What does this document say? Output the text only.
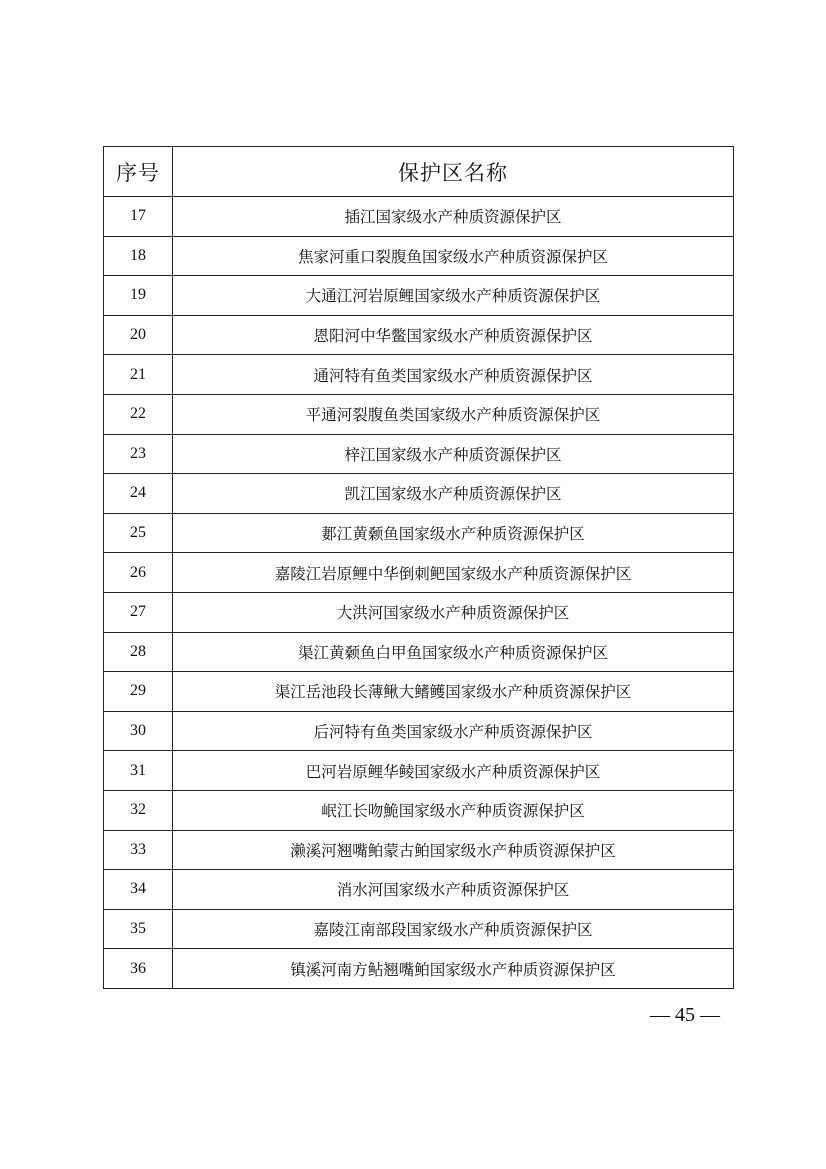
序号	保护区名称
17	插江国家级水产种质资源保护区
18	焦家河重口裂腹鱼国家级水产种质资源保护区
19	大通江河岩原鲤国家级水产种质资源保护区
20	恩阳河中华鳖国家级水产种质资源保护区
21	通河特有鱼类国家级水产种质资源保护区
22	平通河裂腹鱼类国家级水产种质资源保护区
23	梓江国家级水产种质资源保护区
24	凯江国家级水产种质资源保护区
25	郪江黄颡鱼国家级水产种质资源保护区
26	嘉陵江岩原鲤中华倒刺鲃国家级水产种质资源保护区
27	大洪河国家级水产种质资源保护区
28	渠江黄颡鱼白甲鱼国家级水产种质资源保护区
29	渠江岳池段长薄鳅大鳍鳠国家级水产种质资源保护区
30	后河特有鱼类国家级水产种质资源保护区
31	巴河岩原鲤华鲮国家级水产种质资源保护区
32	岷江长吻鮠国家级水产种质资源保护区
33	濑溪河翘嘴鲌蒙古鲌国家级水产种质资源保护区
34	消水河国家级水产种质资源保护区
35	嘉陵江南部段国家级水产种质资源保护区
36	镇溪河南方鲇翘嘴鲌国家级水产种质资源保护区
— 45 —
